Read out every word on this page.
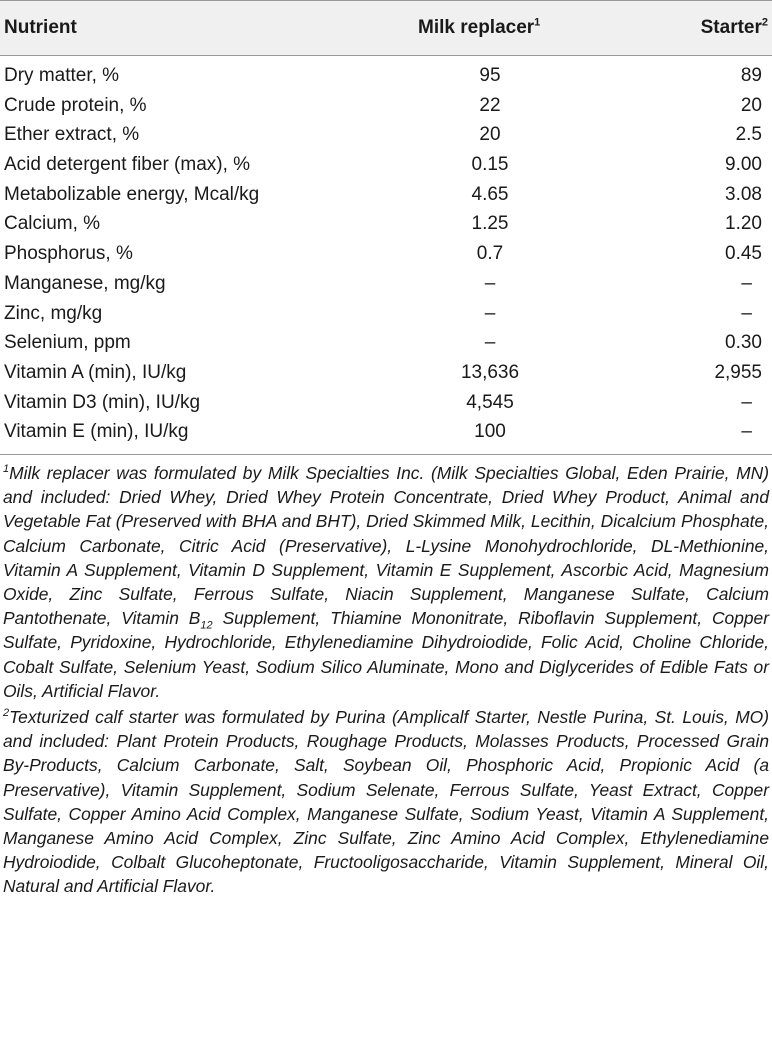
Nutrient	Milk replacer$^1$	Starter$^2$
Dry matter, %	95	89
Crude protein, %	22	20
Ether extract, %	20	2.5
Acid detergent fiber (max), %	0.15	9.00
Metabolizable energy, Mcal/kg	4.65	3.08
Calcium, %	1.25	1.20
Phosphorus, %	0.7	0.45
Manganese, mg/kg	–	–
Zinc, mg/kg	–	–
Selenium, ppm	–	0.30
Vitamin A (min), IU/kg	13,636	2,955
Vitamin D3 (min), IU/kg	4,545	–
Vitamin E (min), IU/kg	100	–

$^1$Milk replacer was formulated by Milk Specialties Inc. (Milk Specialties Global, Eden Prairie, MN) and included: Dried Whey, Dried Whey Protein Concentrate, Dried Whey Product, Animal and Vegetable Fat (Preserved with BHA and BHT), Dried Skimmed Milk, Lecithin, Dicalcium Phosphate, Calcium Carbonate, Citric Acid (Preservative), L-Lysine Monohydrochloride, DL-Methionine, Vitamin A Supplement, Vitamin D Supplement, Vitamin E Supplement, Ascorbic Acid, Magnesium Oxide, Zinc Sulfate, Ferrous Sulfate, Niacin Supplement, Manganese Sulfate, Calcium Pantothenate, Vitamin $B_{12}$ Supplement, Thiamine Mononitrate, Riboflavin Supplement, Copper Sulfate, Pyridoxine, Hydrochloride, Ethylenediamine Dihydroiodide, Folic Acid, Choline Chloride, Cobalt Sulfate, Selenium Yeast, Sodium Silico Aluminate, Mono and Diglycerides of Edible Fats or Oils, Artificial Flavor.

$^2$Texturized calf starter was formulated by Purina (Amplicalf Starter, Nestle Purina, St. Louis, MO) and included: Plant Protein Products, Roughage Products, Molasses Products, Processed Grain By-Products, Calcium Carbonate, Salt, Soybean Oil, Phosphoric Acid, Propionic Acid (a Preservative), Vitamin Supplement, Sodium Selenate, Ferrous Sulfate, Yeast Extract, Copper Sulfate, Copper Amino Acid Complex, Manganese Sulfate, Sodium Yeast, Vitamin A Supplement, Manganese Amino Acid Complex, Zinc Sulfate, Zinc Amino Acid Complex, Ethylenediamine Hydroiodide, Colbalt Glucoheptonate, Fructooligosaccharide, Vitamin Supplement, Mineral Oil, Natural and Artificial Flavor.
